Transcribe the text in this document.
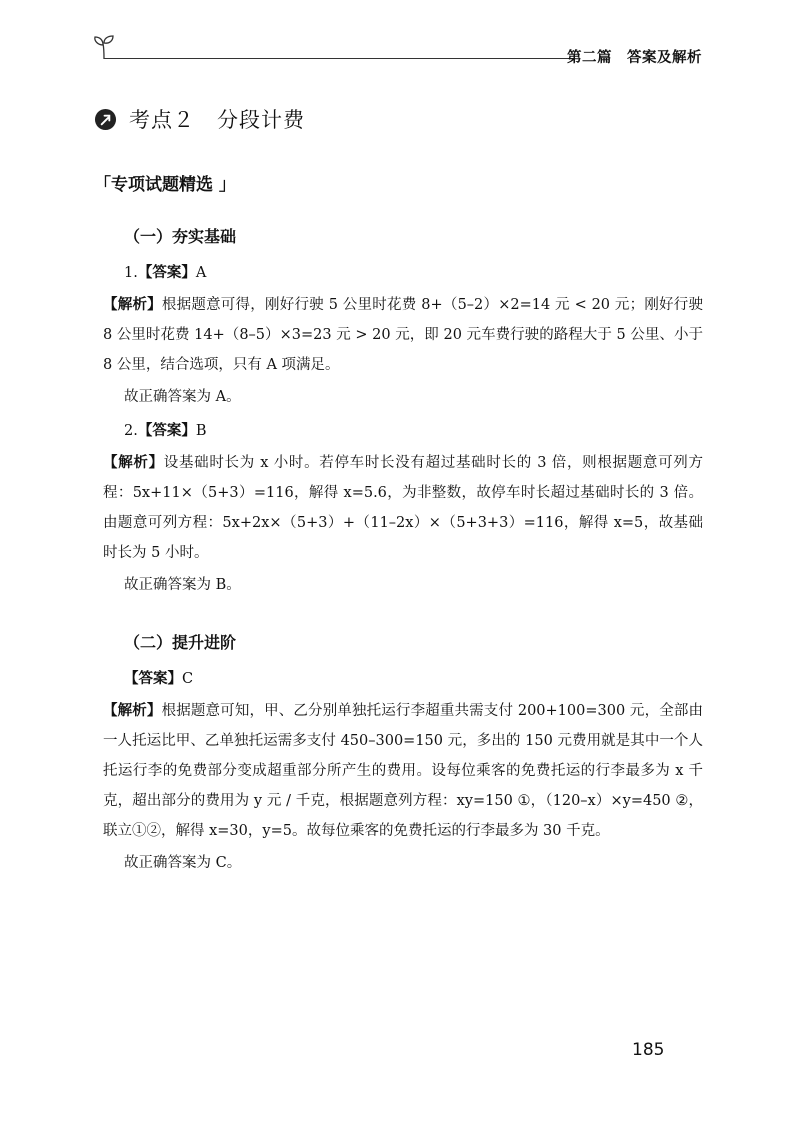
第二篇　答案及解析
考点２　分段计费
「专项试题精选 」
（一）夯实基础
1.【答案】A

【解析】根据题意可得，刚好行驶 5 公里时花费 8+（5–2）×2=14 元 < 20 元；刚好行驶 8 公里时花费 14+（8–5）×3=23 元 > 20 元，即 20 元车费行驶的路程大于 5 公里、小于 8 公里，结合选项，只有 A 项满足。

故正确答案为 A。
2.【答案】B

【解析】设基础时长为 x 小时。若停车时长没有超过基础时长的 3 倍，则根据题意可列方程：5x+11×（5+3）=116，解得 x=5.6，为非整数，故停车时长超过基础时长的 3 倍。由题意可列方程：5x+2x×（5+3）+（11–2x）×（5+3+3）=116，解得 x=5，故基础时长为 5 小时。

故正确答案为 B。
（二）提升进阶
【答案】C

【解析】根据题意可知，甲、乙分别单独托运行李超重共需支付 200+100=300 元，全部由一人托运比甲、乙单独托运需多支付 450–300=150 元，多出的 150 元费用就是其中一个人托运行李的免费部分变成超重部分所产生的费用。设每位乘客的免费托运的行李最多为 x 千克，超出部分的费用为 y 元 / 千克，根据题意列方程：xy=150 ①，（120–x）×y=450 ②，联立①②，解得 x=30，y=5。故每位乘客的免费托运的行李最多为 30 千克。

故正确答案为 C。
185
